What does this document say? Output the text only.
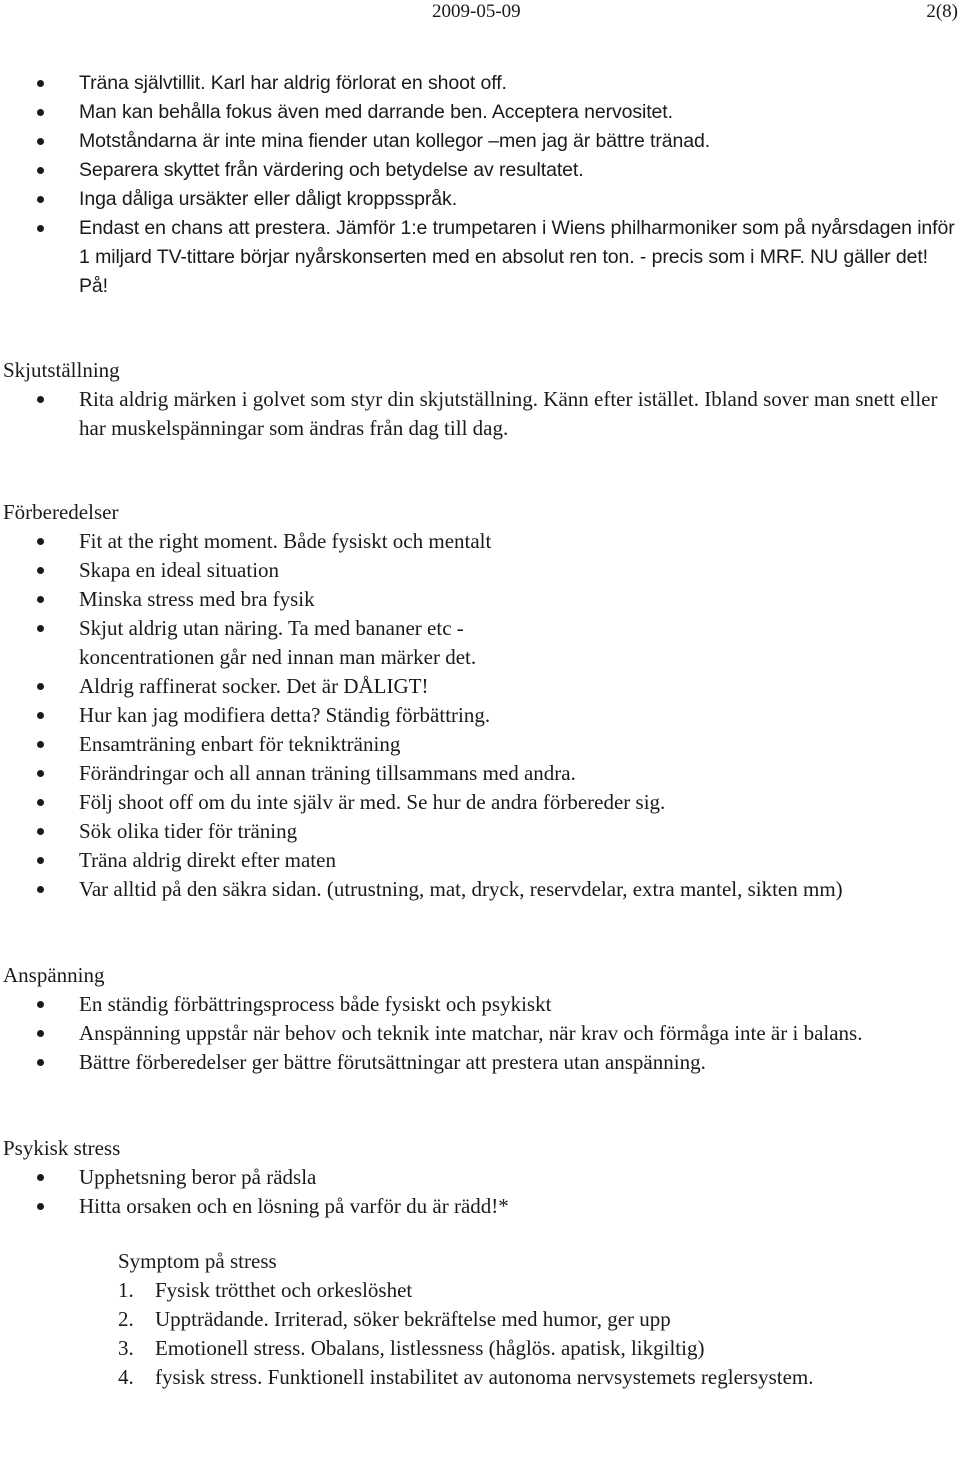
2009-05-09	2(8)
Träna självtillit. Karl har aldrig förlorat en shoot off.
Man kan behålla fokus även med darrande ben. Acceptera nervositet.
Motståndarna är inte mina fiender utan kollegor –men jag är bättre tränad.
Separera skyttet från värdering och betydelse av resultatet.
Inga dåliga ursäkter eller dåligt kroppsspråk.
Endast en chans att prestera. Jämför 1:e trumpetaren i Wiens philharmoniker som på nyårsdagen inför 1 miljard TV-tittare börjar nyårskonserten med en absolut ren ton. - precis som i MRF. NU gäller det! På!
Skjutställning
Rita aldrig märken i golvet som styr din skjutställning. Känn efter istället. Ibland sover man snett eller har muskelspänningar som ändras från dag till dag.
Förberedelser
Fit at the right moment. Både fysiskt och mentalt
Skapa en ideal situation
Minska stress med bra fysik
Skjut aldrig utan näring. Ta med bananer etc -koncentrationen går ned innan man märker det.
Aldrig raffinerat socker. Det är DÅLIGT!
Hur kan jag modifiera detta? Ständig förbättring.
Ensamträning enbart för teknikträning
Förändringar och all annan träning tillsammans med andra.
Följ shoot off om du inte själv är med. Se hur de andra förbereder sig.
Sök olika tider för träning
Träna aldrig direkt efter maten
Var alltid på den säkra sidan. (utrustning, mat, dryck, reservdelar, extra mantel, sikten mm)
Anspänning
En ständig förbättringsprocess både fysiskt och psykiskt
Anspänning uppstår när behov och teknik inte matchar, när krav och förmåga inte är i balans.
Bättre förberedelser ger bättre förutsättningar att prestera utan anspänning.
Psykisk stress
Upphetsning beror på rädsla
Hitta orsaken och en lösning på varför du är rädd!*
Symptom på stress
1. Fysisk trötthet och orkeslöshet
2. Uppträdande. Irriterad, söker bekräftelse med humor, ger upp
3. Emotionell stress. Obalans, listlessness (håglös. apatisk, likgiltig)
4. fysisk stress. Funktionell instabilitet av autonoma nervsystemets reglersystem.
